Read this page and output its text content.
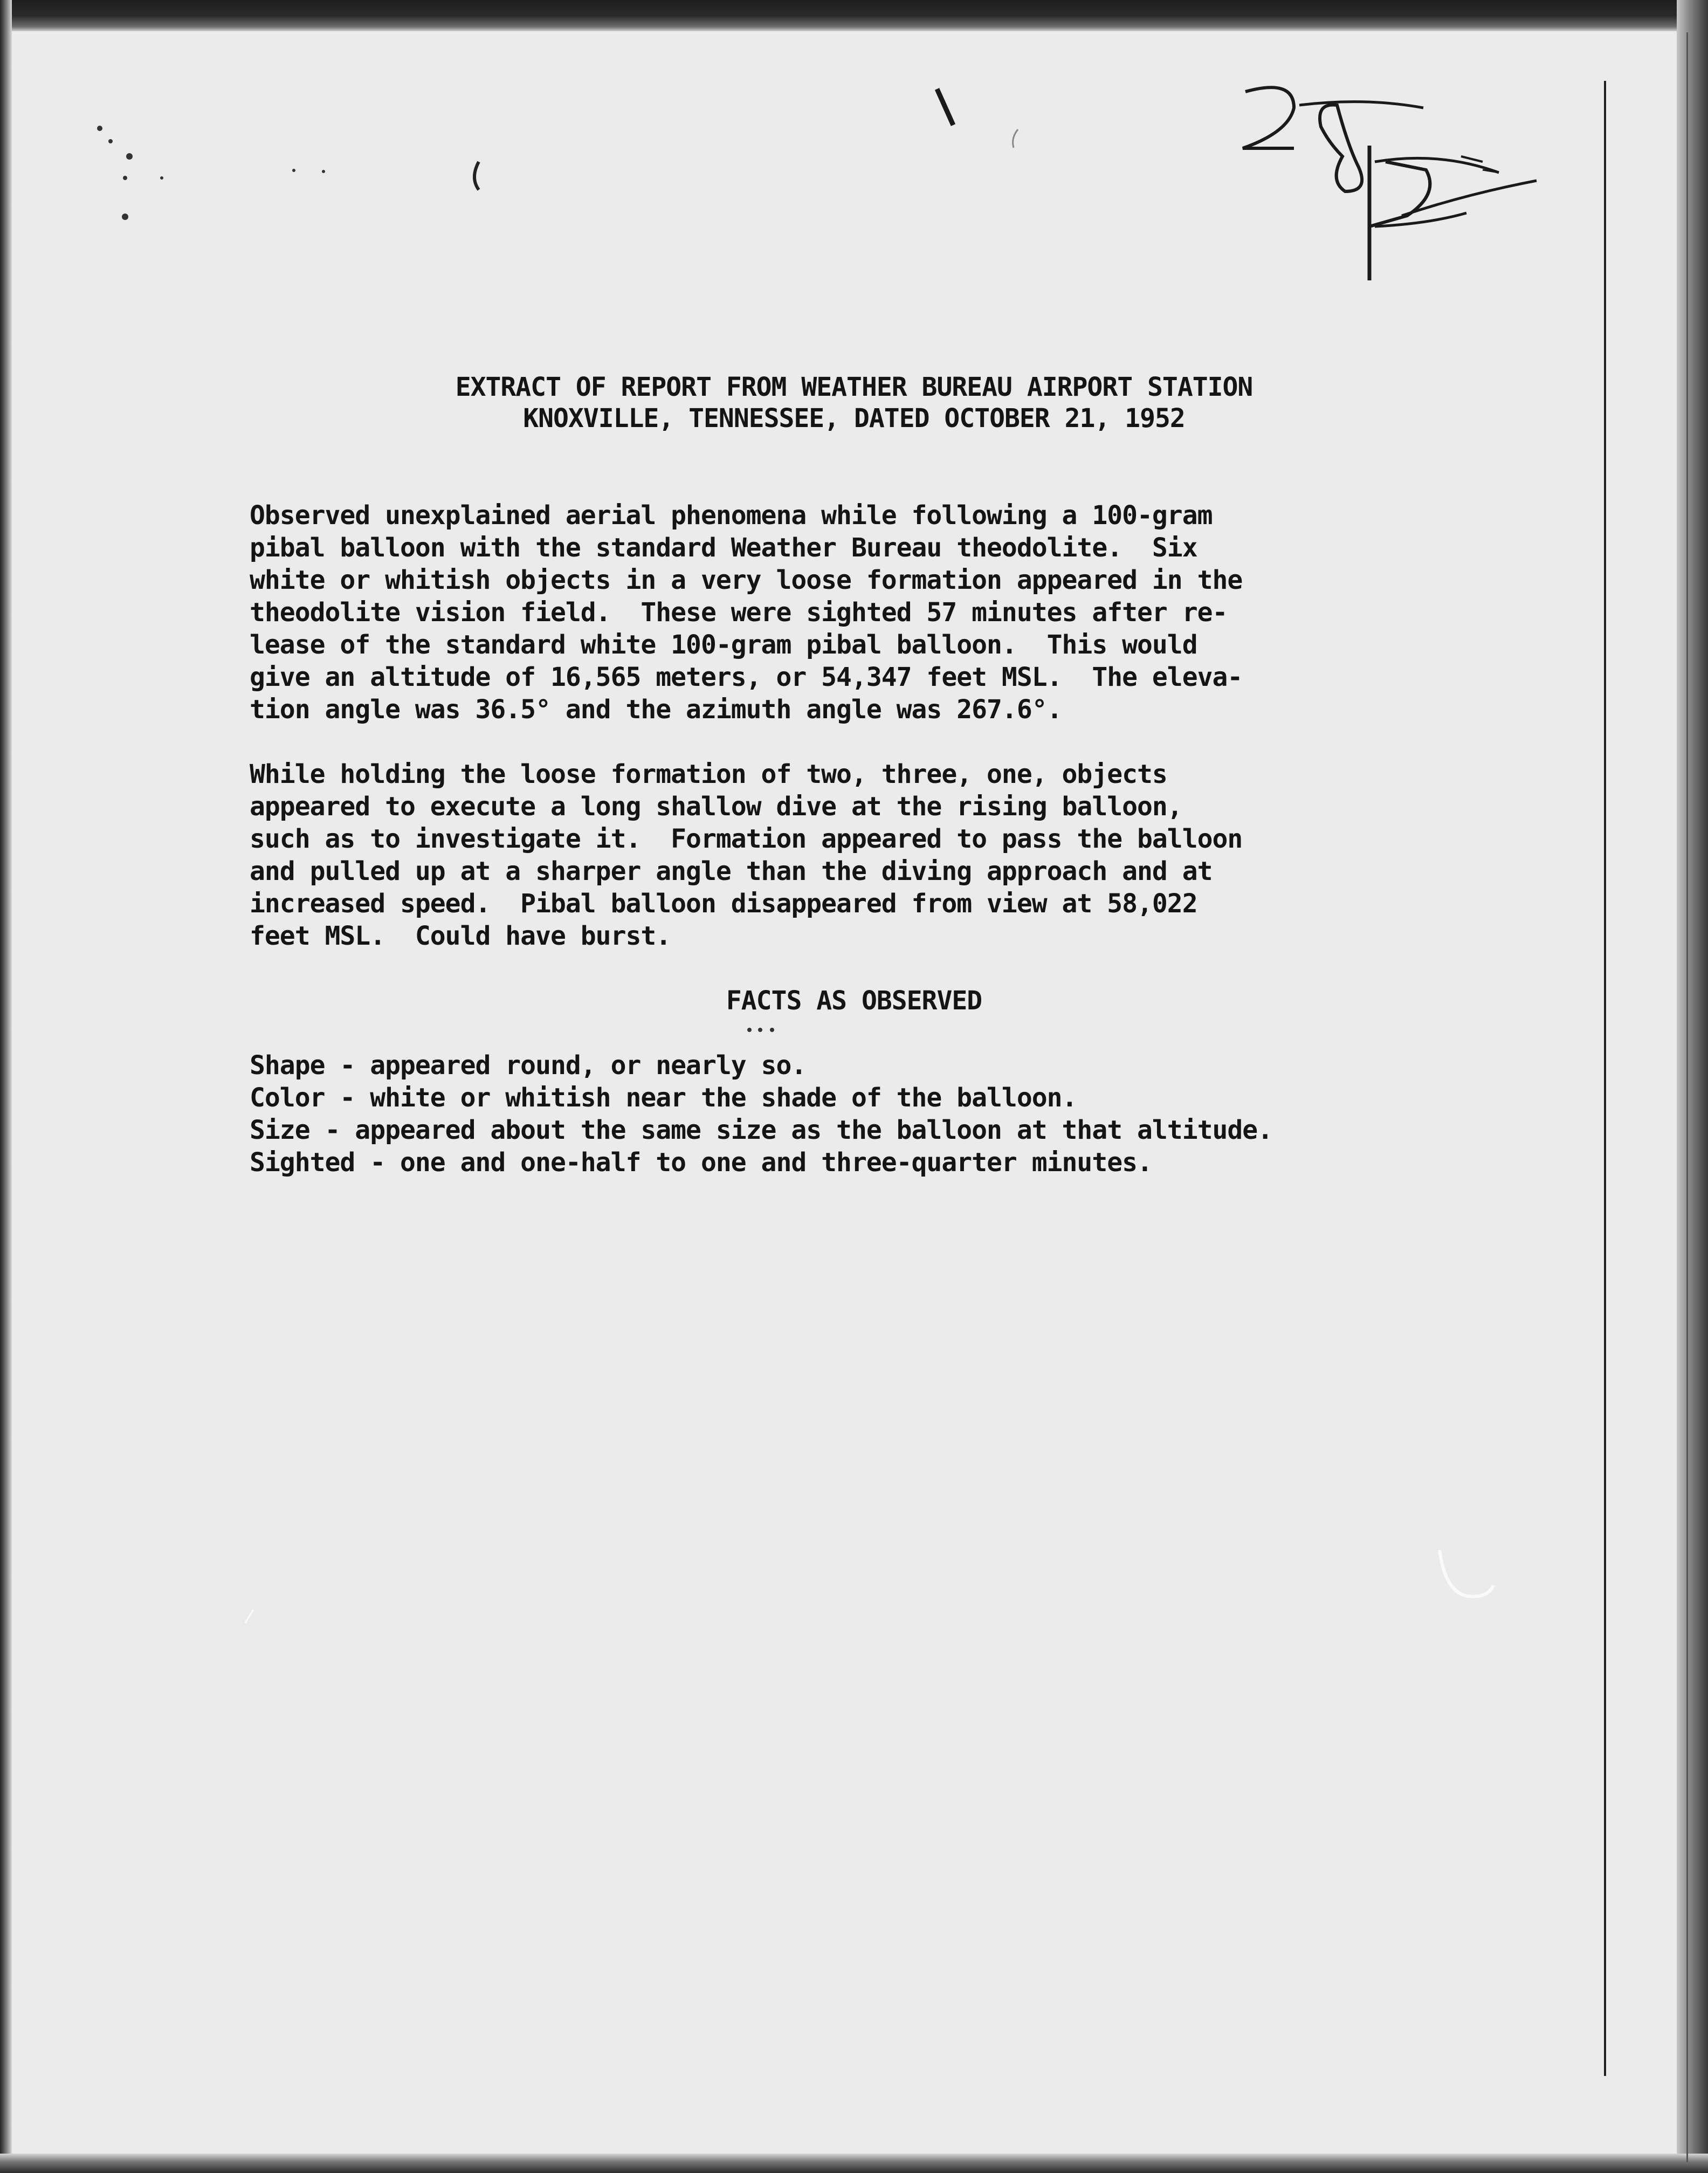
EXTRACT OF REPORT FROM WEATHER BUREAU AIRPORT STATION

KNOXVILLE, TENNESSEE, DATED OCTOBER 21, 1952

Observed unexplained aerial phenomena while following a 100-gram

pibal balloon with the standard Weather Bureau theodolite.  Six

white or whitish objects in a very loose formation appeared in the

theodolite vision field.  These were sighted 57 minutes after re-

lease of the standard white 100-gram pibal balloon.  This would

give an altitude of 16,565 meters, or 54,347 feet MSL.  The eleva-

tion angle was 36.5° and the azimuth angle was 267.6°.

While holding the loose formation of two, three, one, objects

appeared to execute a long shallow dive at the rising balloon,

such as to investigate it.  Formation appeared to pass the balloon

and pulled up at a sharper angle than the diving approach and at

increased speed.  Pibal balloon disappeared from view at 58,022

feet MSL.  Could have burst.

FACTS AS OBSERVED

Shape - appeared round, or nearly so.

Color - white or whitish near the shade of the balloon.

Size - appeared about the same size as the balloon at that altitude.

Sighted - one and one-half to one and three-quarter minutes.
